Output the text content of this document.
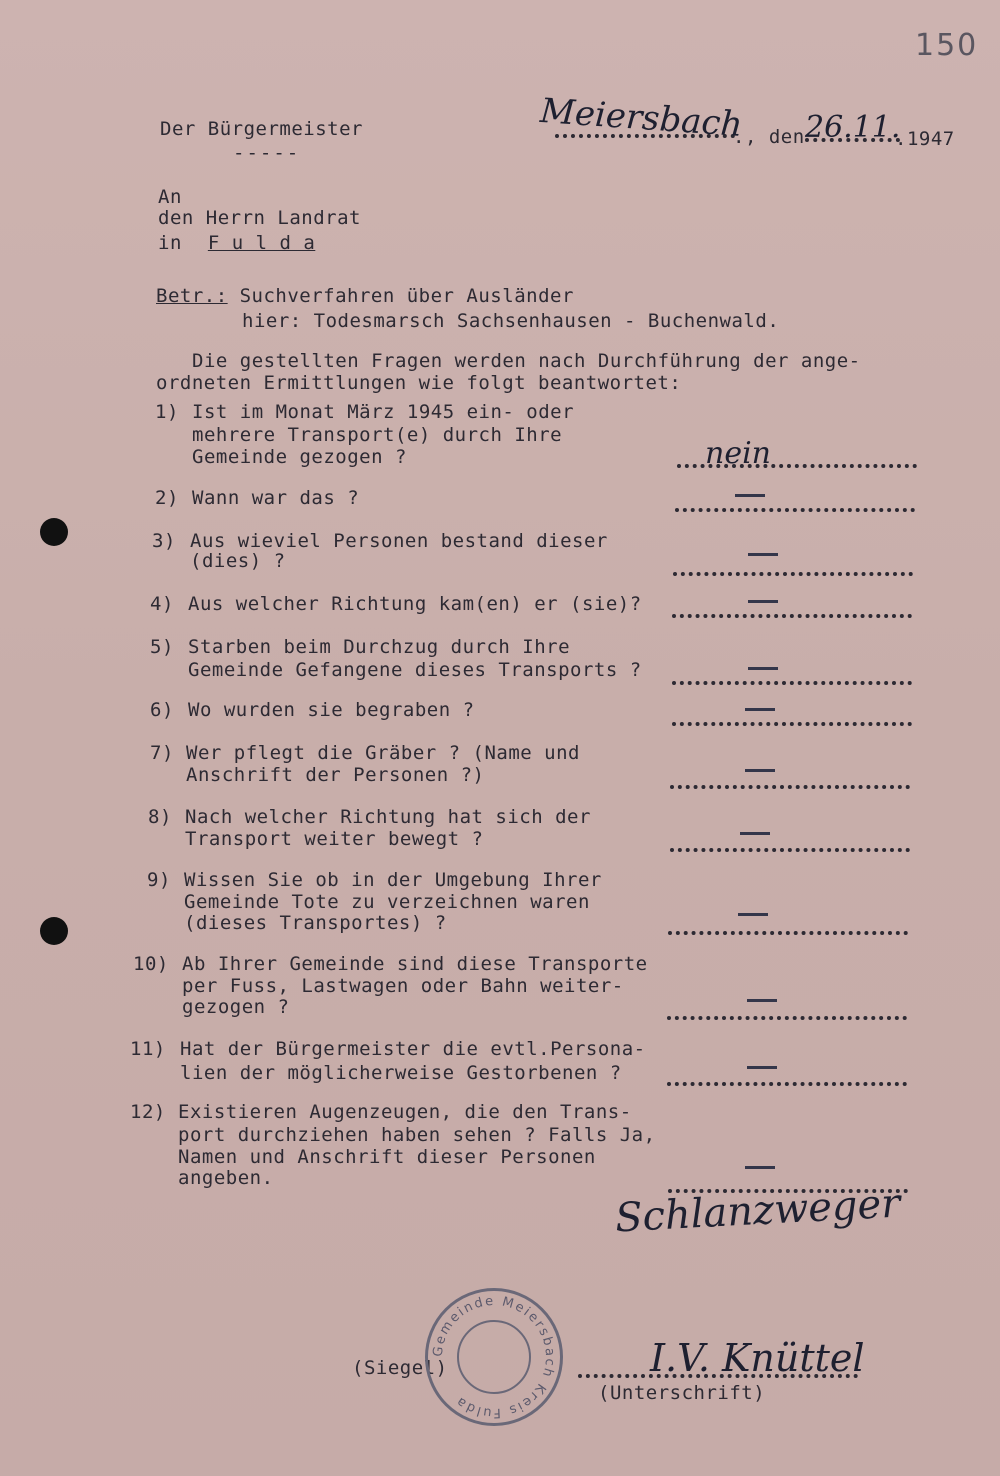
150
Der Bürgermeister
-----
Meiersbach
., den 26.11.
.1947
An
den Herrn Landrat
in F u l d a
Betr.: Suchverfahren über Ausländer
hier: Todesmarsch Sachsenhausen - Buchenwald.
Die gestellten Fragen werden nach Durchführung der ange-
ordneten Ermittlungen wie folgt beantwortet:
1) Ist im Monat März 1945 ein- oder
mehrere Transport(e) durch Ihre
Gemeinde gezogen ?	nein
2) Wann war das ?
3) Aus wieviel Personen bestand dieser
(dies) ?
4) Aus welcher Richtung kam(en) er (sie)?
5) Starben beim Durchzug durch Ihre
Gemeinde Gefangene dieses Transports ?
6) Wo wurden sie begraben ?
7) Wer pflegt die Gräber ? (Name und
Anschrift der Personen ?)
8) Nach welcher Richtung hat sich der
Transport weiter bewegt ?
9) Wissen Sie ob in der Umgebung Ihrer
Gemeinde Tote zu verzeichnen waren
(dieses Transportes) ?
10) Ab Ihrer Gemeinde sind diese Transporte
per Fuss, Lastwagen oder Bahn weiter-
gezogen ?
11) Hat der Bürgermeister die evtl.Persona-
lien der möglicherweise Gestorbenen ?
12) Existieren Augenzeugen, die den Trans-
port durchziehen haben sehen ? Falls Ja,
Namen und Anschrift dieser Personen
angeben.
Schlanzweger
(Siegel)
Gemeinde Meiersbach Kreis Fulda
I.V. Knüttel
(Unterschrift)
